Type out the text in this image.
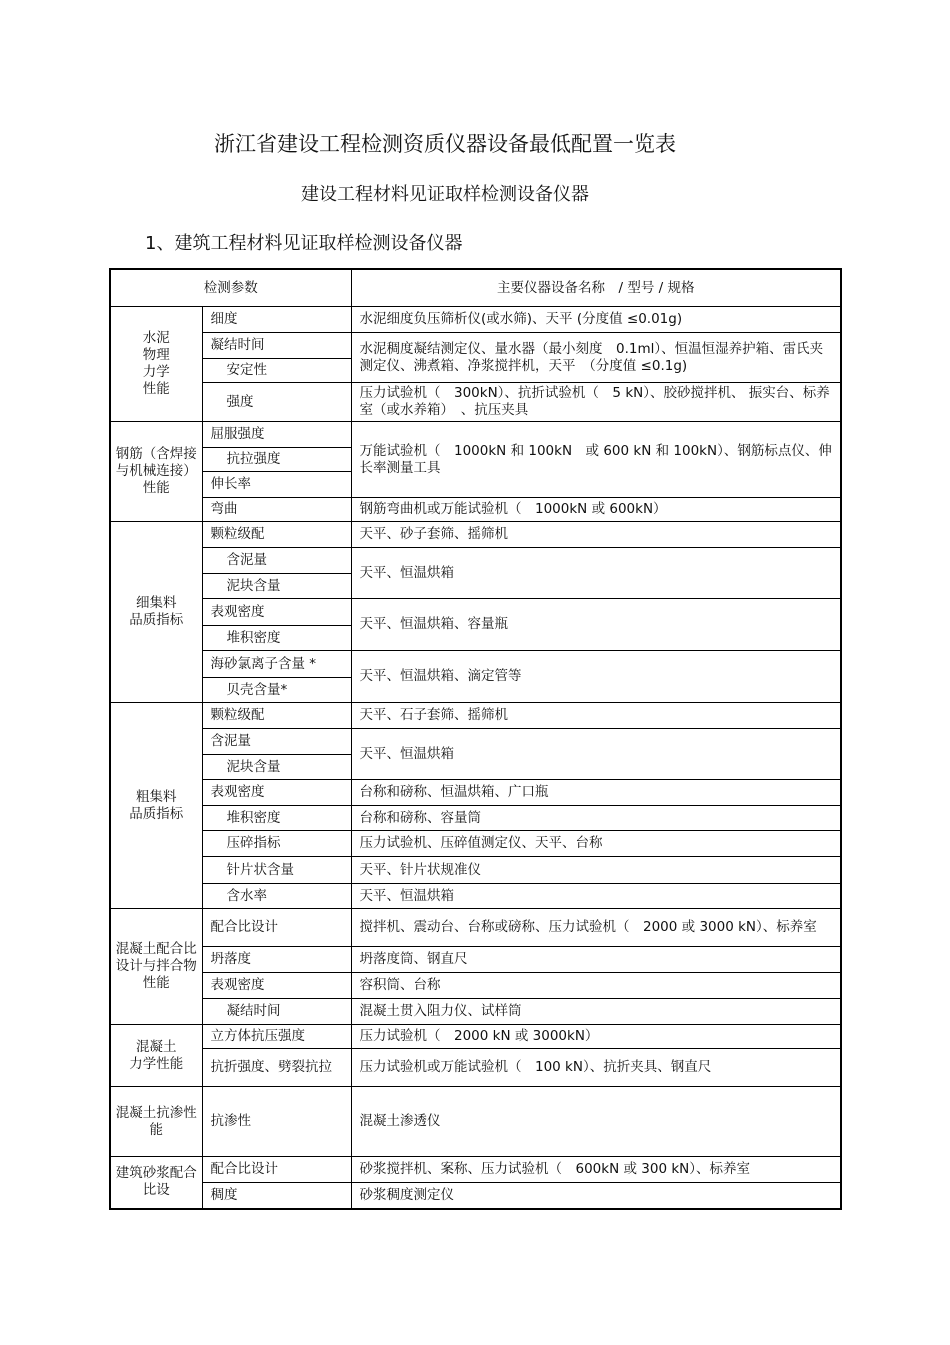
浙江省建设工程检测资质仪器设备最低配置一览表
建设工程材料见证取样检测设备仪器
1、建筑工程材料见证取样检测设备仪器
检测参数		主要仪器设备名称　/ 型号 / 规格
水泥
物理
力学
性能	细度	水泥细度负压筛析仪(或水筛)、天平 (分度值 ≤0.01g)
	凝结时间	水泥稠度凝结测定仪、量水器（最小刻度　0.1ml）、恒温恒湿养护箱、雷氏夹测定仪、沸煮箱、净浆搅拌机，天平　（分度值 ≤0.1g)
	安定性	
	强度	压力试验机（　300kN）、抗折试验机（　5 kN）、胶砂搅拌机、 振实台、标养室（或水养箱）　、抗压夹具
钢筋（含焊接与机械连接）性能	屈服强度	万能试验机（　1000kN 和 100kN　或 600 kN 和 100kN）、钢筋标点仪、伸长率测量工具
	抗拉强度	
	伸长率	
	弯曲	钢筋弯曲机或万能试验机（　1000kN 或 600kN）
细集料
品质指标	颗粒级配	天平、砂子套筛、摇筛机
	含泥量	天平、恒温烘箱
	泥块含量	
	表观密度	天平、恒温烘箱、容量瓶
	堆积密度	
	海砂氯离子含量 *	天平、恒温烘箱、滴定管等
	贝壳含量*	
粗集料
品质指标	颗粒级配	天平、石子套筛、摇筛机
	含泥量	天平、恒温烘箱
	泥块含量	
	表观密度	台称和磅称、恒温烘箱、广口瓶
	堆积密度	台称和磅称、容量筒
	压碎指标	压力试验机、压碎值测定仪、天平、台称
	针片状含量	天平、针片状规准仪
	含水率	天平、恒温烘箱
混凝土配合比设计与拌合物性能	配合比设计	搅拌机、震动台、台称或磅称、压力试验机（　2000 或 3000 kN）、标养室
	坍落度	坍落度筒、钢直尺
	表观密度	容积筒、台称
	凝结时间	混凝土贯入阻力仪、试样筒
混凝土
力学性能	立方体抗压强度	压力试验机（　2000 kN 或 3000kN）
	抗折强度、劈裂抗拉	压力试验机或万能试验机（　100 kN）、抗折夹具、钢直尺
混凝土抗渗性能	抗渗性	混凝土渗透仪
建筑砂浆配合比设	配合比设计	砂浆搅拌机、案称、压力试验机（　600kN 或 300 kN）、标养室
	稠度	砂浆稠度测定仪
